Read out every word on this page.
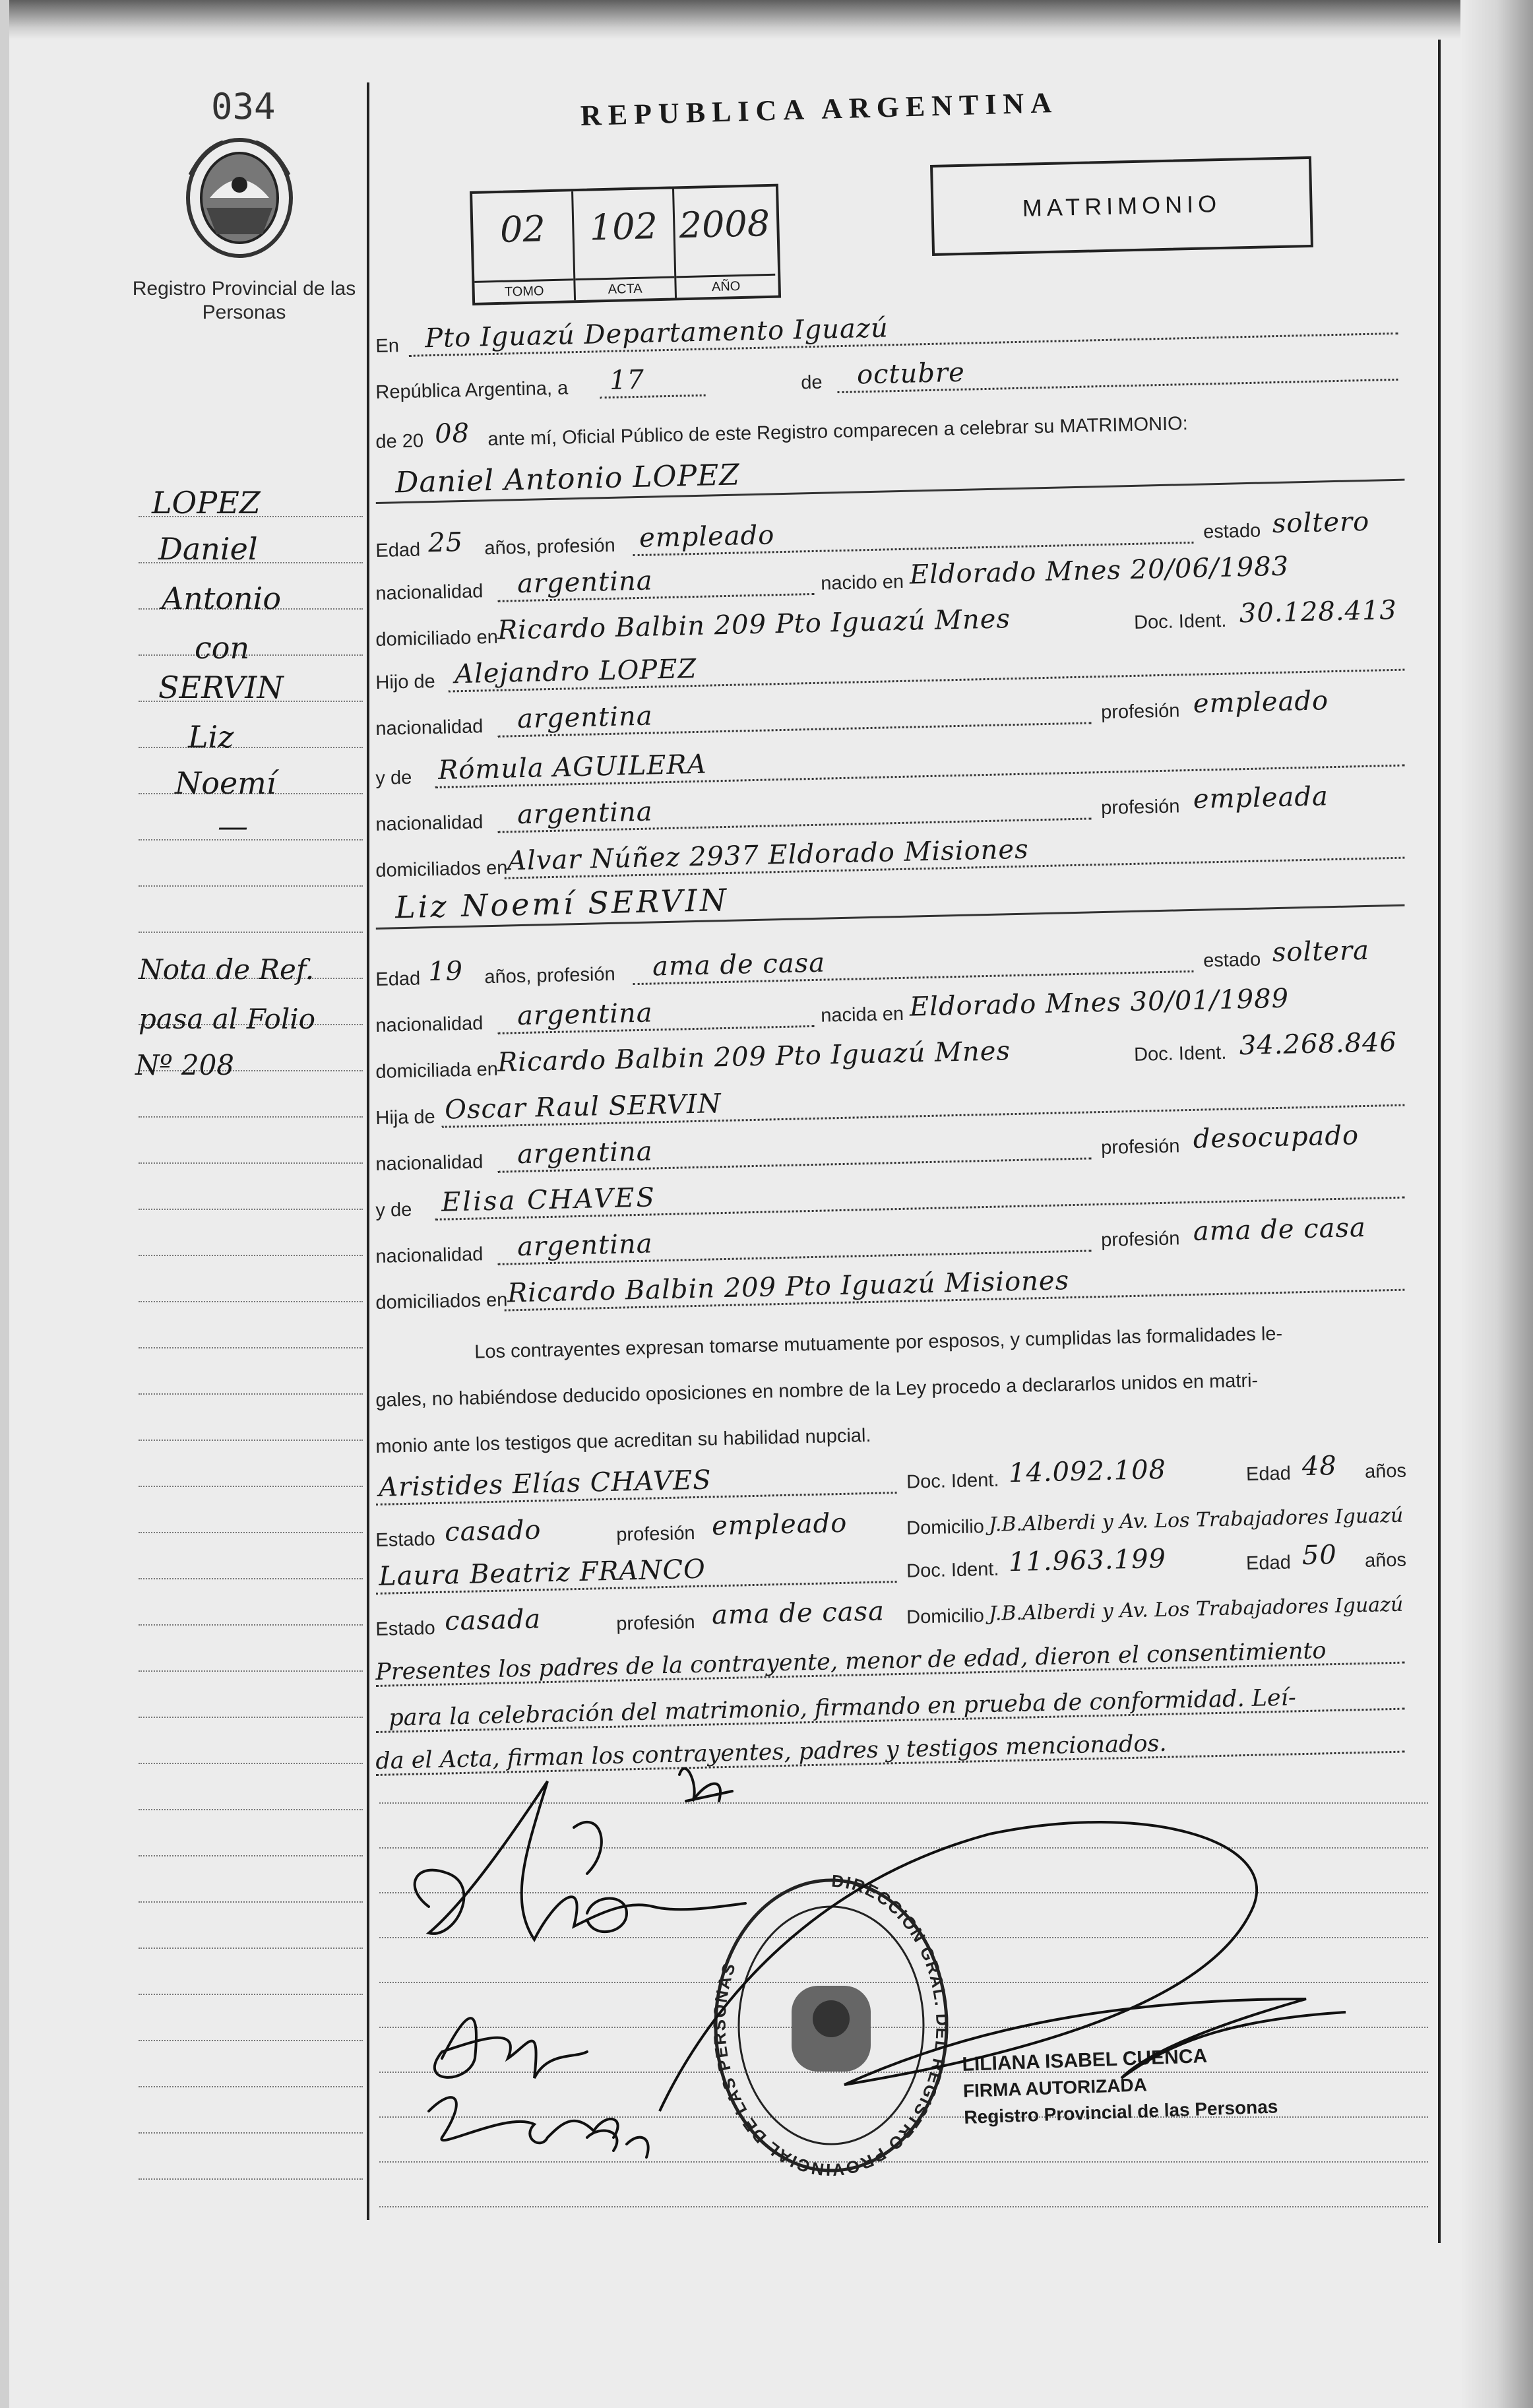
034
Registro Provincial de las Personas
REPUBLICA ARGENTINA
02
TOMO
102
ACTA
2008
AÑO
MATRIMONIO
En Pto Iguazú Departamento Iguazú
República Argentina, a 17	de octubre
de 20 08 ante mí, Oficial Público de este Registro comparecen a celebrar su MATRIMONIO:
Daniel Antonio LOPEZ
Edad 25 años, profesión empleado	estado soltero
nacionalidad argentina	nacido en Eldorado Mnes 20/06/1983
domiciliado en
Ricardo Balbin 209 Pto Iguazú Mnes	Doc. Ident. 30.128.413
Hijo de Alejandro LOPEZ
nacionalidad argentina	profesión empleado
y de Rómula AGUILERA
nacionalidad argentina	profesión empleada
domiciliados en
Alvar Núñez 2937 Eldorado Misiones
Liz Noemí SERVIN
Edad 19 años, profesión ama de casa	estado soltera
nacionalidad argentina	nacida en Eldorado Mnes 30/01/1989
domiciliada en
Ricardo Balbin 209 Pto Iguazú Mnes	Doc. Ident. 34.268.846
Hija de Oscar Raul SERVIN
nacionalidad argentina	profesión desocupado
y de Elisa CHAVES
nacionalidad argentina	profesión ama de casa
domiciliados en
Ricardo Balbin 209 Pto Iguazú Misiones
Los contrayentes expresan tomarse mutuamente por esposos, y cumplidas las formalidades le-
gales, no habiéndose deducido oposiciones en nombre de la Ley procedo a declararlos unidos en matri-
monio ante los testigos que acreditan su habilidad nupcial.
Aristides Elías CHAVES	Doc. Ident. 14.092.108	Edad 48 años
Estado casado	profesión empleado	Domicilio J.B.Alberdi y Av. Los Trabajadores Iguazú
Laura Beatriz FRANCO	Doc. Ident. 11.963.199	Edad 50 años
Estado casada	profesión ama de casa Domicilio J.B.Alberdi y Av. Los Trabajadores Iguazú
Presentes los padres de la contrayente, menor de edad, dieron el consentimiento
para la celebración del matrimonio, firmando en prueba de conformidad. Leí-
da el Acta, firman los contrayentes, padres y testigos mencionados.
LOPEZ
Daniel
Antonio
con
SERVIN
Liz
Noemí
—
Nota de Ref.
pasa al Folio
Nº 208
DIRECCION GRAL. DEL REGISTRO PROVINCIAL DE LAS PERSONAS
LILIANA ISABEL CUENCA
FIRMA AUTORIZADA
Registro Provincial de las Personas
